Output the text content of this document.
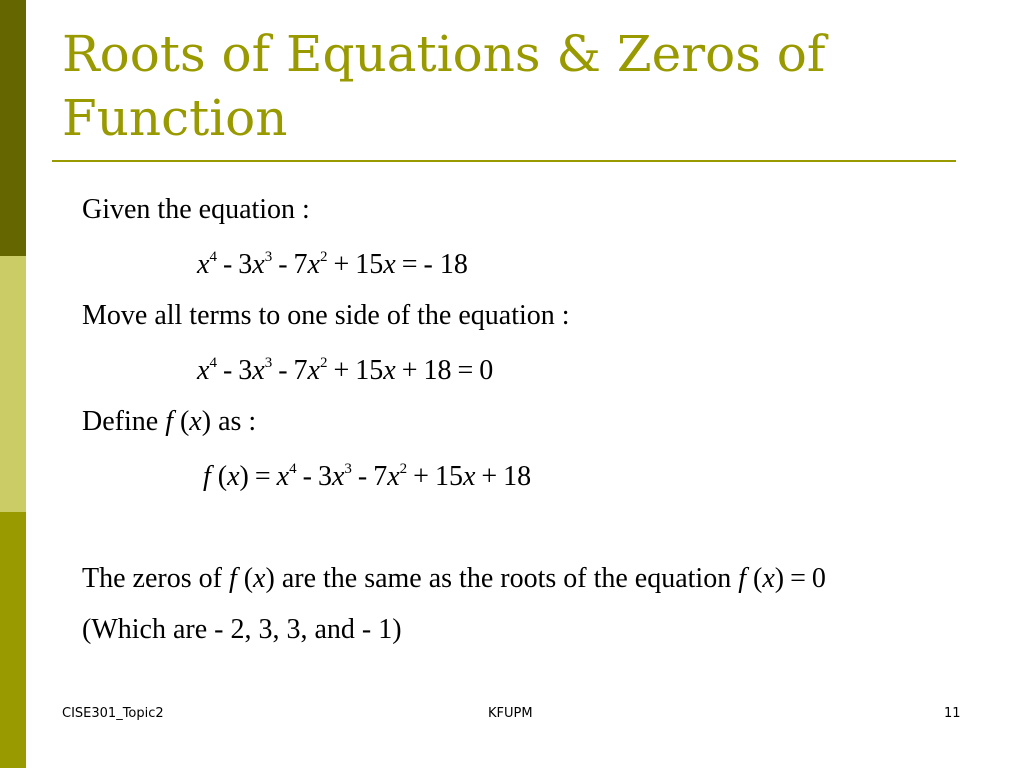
Roots of Equations & Zeros of Function
Given the equation :
$x^4 - 3x^3 - 7x^2 + 15x$ = - 18
Move all terms to one side of the equation :
$x^4 - 3x^3 - 7x^2 + 15x + 18 = 0$
Define f (x) as :
f $(x) = x^4 - 3x^3 - 7x^2 + 15x + 18$
The zeros of f (x) are the same as the roots of the equation f (x) = 0
(Which are - 2, 3, 3, and - 1)
CISE301_Topic2	KFUPM	11
